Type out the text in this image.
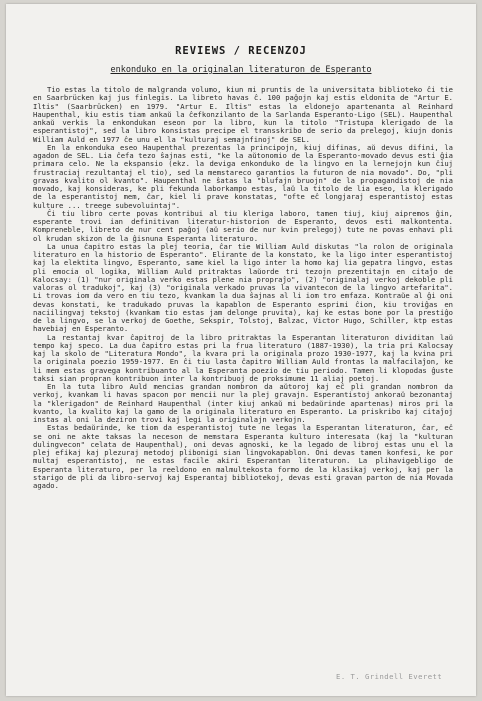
REVIEWS / RECENZOJ
enkonduko en la originalan literaturon de Esperanto

Tio estas la titolo de malgranda volumo, kiun mi pruntis de la universitata biblioteko ĉi tie en Saarbrücken kaj jus finlegis. La libreto havas ĉ. 100 paĝojn kaj estis eldonita de "Artur E. Iltis" (Saarbrücken) en 1979. "Artur E. Iltis" estas la eldonejo apartenanta al Reinhard Haupenthal, kiu estis tiam ankaŭ la ĉefkonzilanto de la Sarlanda Esperanto-Ligo (SEL). Haupenthal ankaŭ verkis la enkondukan eseon por la libro, kun la titolo "Tristupa klerigado de la esperantistoj", sed la libro konsistas precipe el transskribo de serio da prelegoj, kiujn donis William Auld en 1977 ĉe unu el la "kulturaj semajnfinoj" de SEL.

En la enkonduka eseo Haupenthal prezentas la principojn, kiuj difinas, aŭ devus difini, la agadon de SEL. Lia ĉefa tezo ŝajnas esti, "ke la aŭtonomio de la Esperanto-movado devus esti ĝia primara celo. Ne la ekspansio (ekz. la deviga enkonduko de la lingvo en la lernejojn kun ĉiuj frustraciaj rezultantaj el tio), sed la memstareco garantios la futuron de nia movado". Do, "pli gravas kvalito ol kvanto". Haupenthal ne ŝatas la "blufajn bruojn" de la propagandistoj de nia movado, kaj konsideras, ke pli fekunda laborkampo estas, laŭ la titolo de lia eseo, la klerigado de la esperantistoj mem, ĉar, kiel li prave konstatas, "ofte eĉ longjaraj esperantistoj estas kulture ... treege subevoluintaj".

Ĉi tiu libro certe povas kontribui al tiu kleriga laboro, tamen tiuj, kiuj aipremos ĝin, esperante trovi ian definitivan literatur-historion de Esperanto, devos esti malkontenta. Kompreneble, libreto de nur cent paĝoj (aŭ serio de nur kvin prelegoj) tute ne povas enhavi pli ol krudan skizon de la ĝisnuna Esperanta literaturo.

La unua ĉapitro estas la plej teoria, ĉar tie William Auld diskutas "la rolon de originala literaturo en la historio de Esperanto". Elirante de la konstato, ke la ligo inter esperantistoj kaj la elektita lingvo, Esperanto, same kiel la ligo inter la homo kaj lia gepatra lingvo, estas pli emocia ol logika, William Auld pritraktas laŭorde tri tezojn prezentitajn en citaĵo de Kalocsay: (1) "nur originala verko estas plene nia propraĵo", (2) "originalaj verkoj dekoble pli valoras ol tradukoj", kaj (3) "originala verkado pruvas la vivantecon de la lingvo artefarita". Li trovas iom da vero en tiu tezo, kvankam la dua ŝajnas al li iom tro emfaza. Kontraŭe al ĝi oni devas konstati, ke tradukado pruvas la kapablon de Esperanto esprimi ĉion, kiu troviĝas en naciilingvaj tekstoj (kvankam tio estas jam delonge pruvita), kaj ke estas bone por la prestiĝo de la lingvo, se la verkoj de Goethe, Sekspir, Tolstoj, Balzac, Victor Hugo, Schiller, ktp estas havebiaj en Esperanto.

La restantaj kvar ĉapitroj de la libro pritraktas la Esperantan literaturon dividitan laŭ tempo kaj speco. La dua ĉapitro estas pri la frua literaturo (1887-1930), la tria pri Kalocsay kaj la skolo de "Literatura Mondo", la kvara pri la originala prozo 1930-1977, kaj la kvina pri la originala poezio 1959-1977. En ĉi tiu lasta ĉapitro William Auld frontas la malfacilaĵon, ke li mem estas gravega kontribuanto al la Esperanta poezio de tiu periodo. Tamen li klopodas ĝuste taksi sian propran kontribuon inter la kontribuoj de proksimume 11 aliaj poetoj.

En la tuta libro Auld mencias grandan nombron da aŭtoroj kaj eĉ pli grandan nombron da verkoj, kvankam li havas spacon por mencii nur la plej gravajn. Esperantistoj ankoraŭ bezonantaj la "klerigadon" de Reinhard Haupenthal (inter kiuj ankaŭ mi bedaŭrinde apartenas) miros pri la kvanto, la kvalito kaj la gamo de la originala literaturo en Esperanto. La priskribo kaj citaĵoj instas al oni la deziron trovi kaj legi la originalajn verkojn.

Estas bedaŭrinde, ke tiom da esperantistoj tute ne legas la Esperantan literaturon, ĉar, eĉ se oni ne akte taksas la neceson de memstara Esperanta kulturo interesata (kaj la "kulturan dulingvecon" celata de Haupenthal), oni devas agnoski, ke la legado de libroj estas unu el la plej efikaj kaj plezuraj metodoj plibonigi sian lingvokapablon. Oni devas tamen konfesi, ke por multaj esperantistoj, ne estas facile akiri Esperantan literaturon. La plihavigebligo de Esperanta literaturo, per la reeldono en malmultekosta formo de la klasikaj verkoj, kaj per la starigo de pli da libro-servoj kaj Esperantaj bibliotekoj, devas esti gravan parton de nia Movada agado.

E. T. Grindell Everett
